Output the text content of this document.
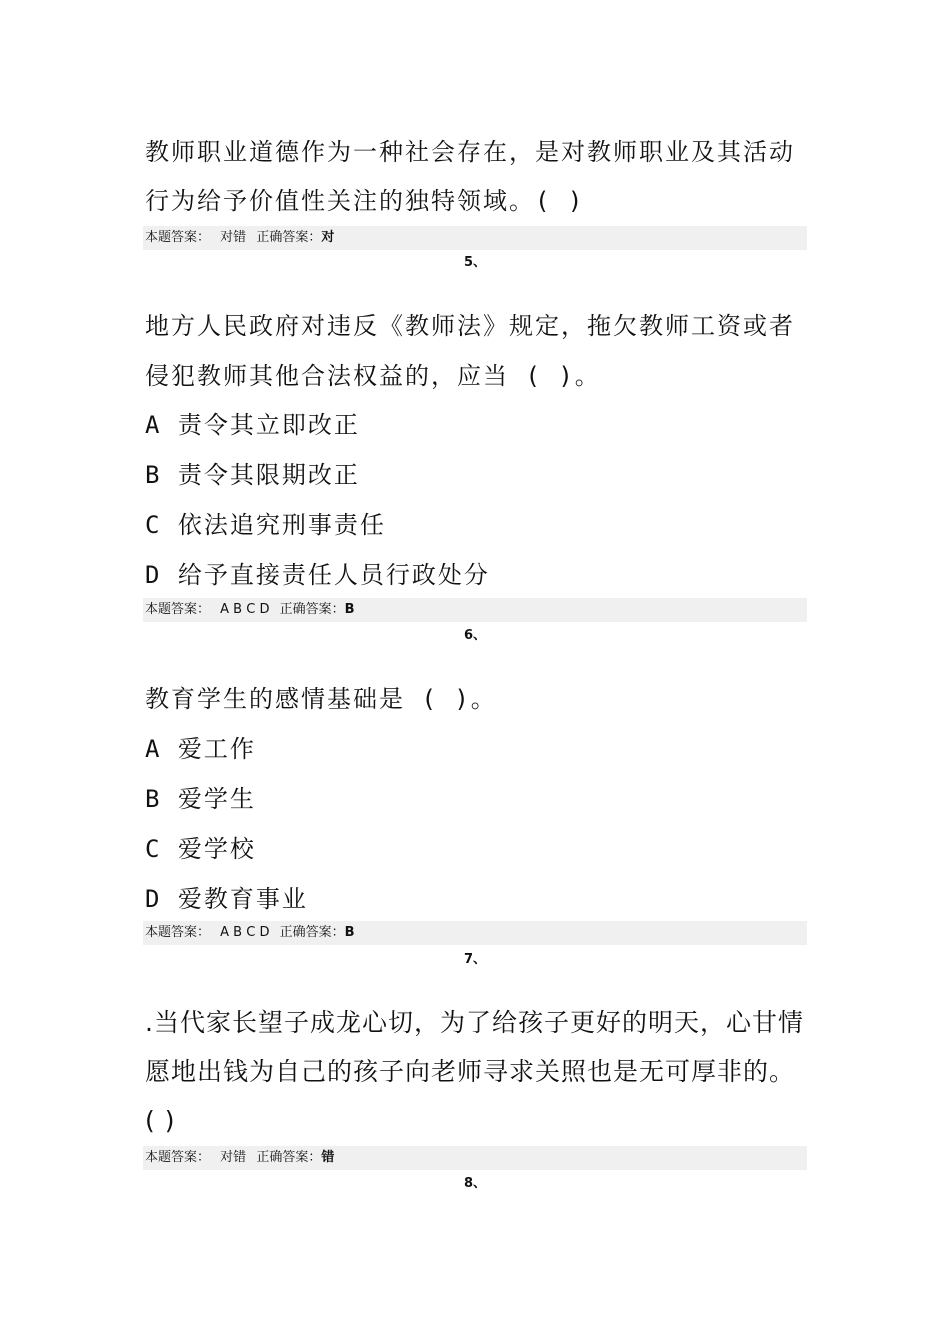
教师职业道德作为一种社会存在，是对教师职业及其活动
行为给予价值性关注的独特领域。( )
本题答案： 对错 正确答案：对
5、
地方人民政府对违反《教师法》规定，拖欠教师工资或者
侵犯教师其他合法权益的，应当 ( )。
A 责令其立即改正
B 责令其限期改正
C 依法追究刑事责任
D 给予直接责任人员行政处分
本题答案： A B C D 正确答案：B
6、
教育学生的感情基础是 ( )。
A 爱工作
B 爱学生
C 爱学校
D 爱教育事业
本题答案： A B C D 正确答案：B
7、
.当代家长望子成龙心切，为了给孩子更好的明天，心甘情
愿地出钱为自己的孩子向老师寻求关照也是无可厚非的。
( )
本题答案： 对错 正确答案：错
8、
